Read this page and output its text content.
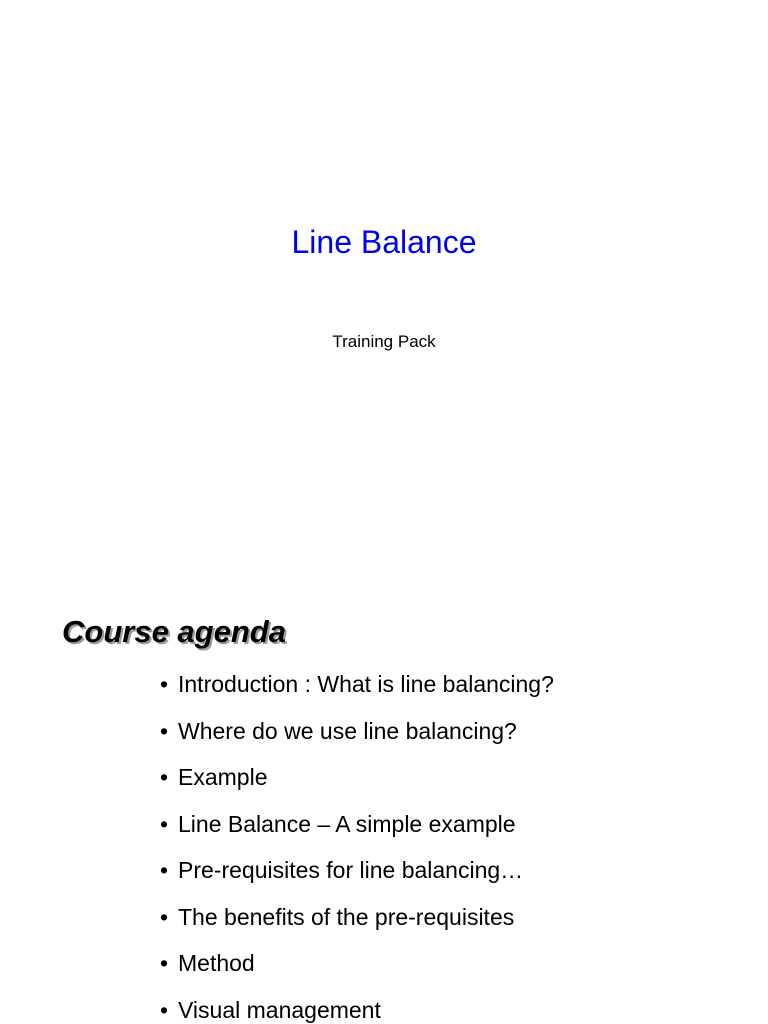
Line Balance
Training Pack
Course agenda
• Introduction : What is line balancing?
• Where do we use line balancing?
• Example
• Line Balance – A simple example
• Pre-requisites for line balancing…
• The benefits of the pre-requisites
• Method
• Visual management
